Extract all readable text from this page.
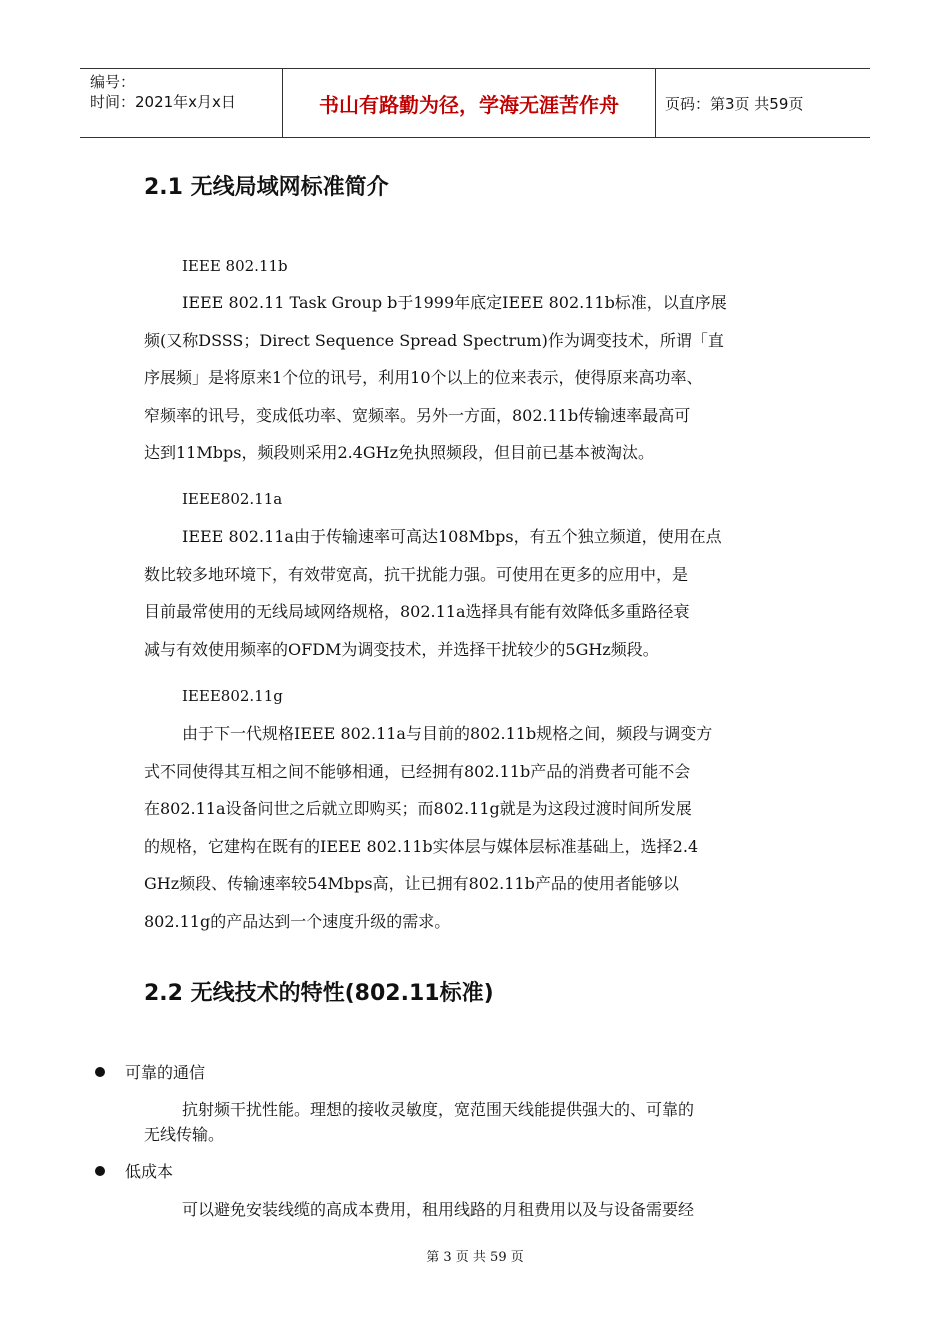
编号：
时间：2021年x月x日	书山有路勤为径，学海无涯苦作舟	页码：第3页 共59页
2.1 无线局域网标准简介
IEEE 802.11b
IEEE 802.11 Task Group b于1999年底定IEEE 802.11b标准，以直序展
频(又称DSSS；Direct Sequence Spread Spectrum)作为调变技术，所谓「直
序展频」是将原来1个位的讯号，利用10个以上的位来表示，使得原来高功率、
窄频率的讯号，变成低功率、宽频率。另外一方面，802.11b传输速率最高可
达到11Mbps，频段则采用2.4GHz免执照频段，但目前已基本被淘汰。
IEEE802.11a
IEEE 802.11a由于传输速率可高达108Mbps，有五个独立频道，使用在点
数比较多地环境下，有效带宽高，抗干扰能力强。可使用在更多的应用中，是
目前最常使用的无线局域网络规格，802.11a选择具有能有效降低多重路径衰
减与有效使用频率的OFDM为调变技术，并选择干扰较少的5GHz频段。
IEEE802.11g
由于下一代规格IEEE 802.11a与目前的802.11b规格之间，频段与调变方
式不同使得其互相之间不能够相通，已经拥有802.11b产品的消费者可能不会
在802.11a设备问世之后就立即购买；而802.11g就是为这段过渡时间所发展
的规格，它建构在既有的IEEE 802.11b实体层与媒体层标准基础上，选择2.4
GHz频段、传输速率较54Mbps高，让已拥有802.11b产品的使用者能够以
802.11g的产品达到一个速度升级的需求。
2.2 无线技术的特性(802.11标准)
可靠的通信
抗射频干扰性能。理想的接收灵敏度，宽范围天线能提供强大的、可靠的
无线传输。
低成本
可以避免安装线缆的高成本费用，租用线路的月租费用以及与设备需要经
第 3 页 共 59 页
